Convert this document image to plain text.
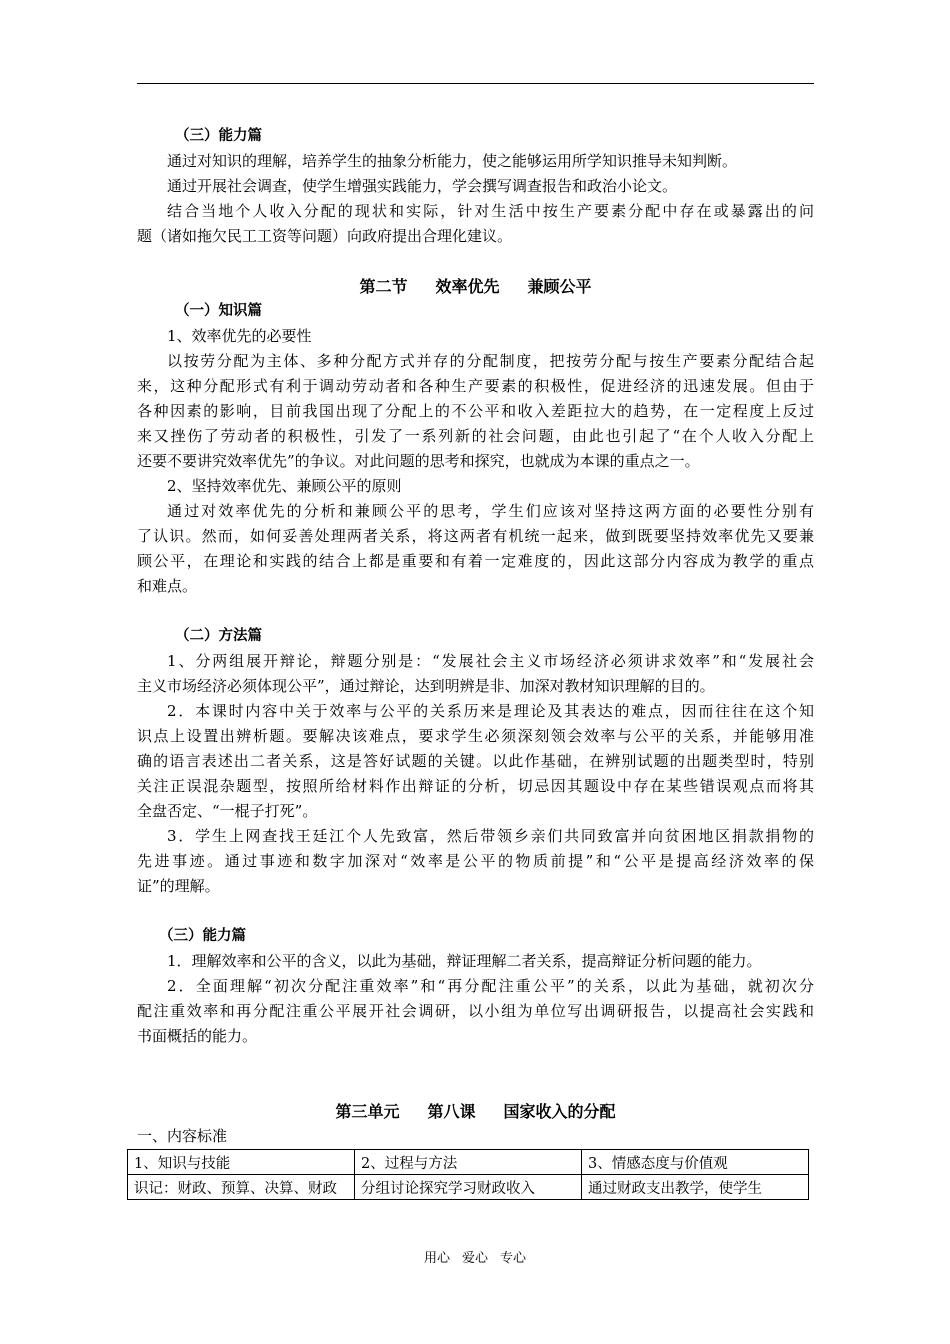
（三）能力篇
通过对知识的理解，培养学生的抽象分析能力，使之能够运用所学知识推导未知判断。
通过开展社会调查，使学生增强实践能力，学会撰写调查报告和政治小论文。
结合当地个人收入分配的现状和实际，针对生活中按生产要素分配中存在或暴露出的问
题（诸如拖欠民工工资等问题）向政府提出合理化建议。
第二节 效率优先 兼顾公平
（一）知识篇
1、效率优先的必要性
以按劳分配为主体、多种分配方式并存的分配制度，把按劳分配与按生产要素分配结合起
来，这种分配形式有利于调动劳动者和各种生产要素的积极性，促进经济的迅速发展。但由于
各种因素的影响，目前我国出现了分配上的不公平和收入差距拉大的趋势，在一定程度上反过
来又挫伤了劳动者的积极性，引发了一系列新的社会问题，由此也引起了“在个人收入分配上
还要不要讲究效率优先”的争议。对此问题的思考和探究，也就成为本课的重点之一。
2、坚持效率优先、兼顾公平的原则
通过对效率优先的分析和兼顾公平的思考，学生们应该对坚持这两方面的必要性分别有
了认识。然而，如何妥善处理两者关系，将这两者有机统一起来，做到既要坚持效率优先又要兼
顾公平，在理论和实践的结合上都是重要和有着一定难度的，因此这部分内容成为教学的重点
和难点。
（二）方法篇
1、分两组展开辩论，辩题分别是：“发展社会主义市场经济必须讲求效率”和“发展社会
主义市场经济必须体现公平”，通过辩论，达到明辨是非、加深对教材知识理解的目的。
2．本课时内容中关于效率与公平的关系历来是理论及其表达的难点，因而往往在这个知
识点上设置出辨析题。要解决该难点，要求学生必须深刻领会效率与公平的关系，并能够用准
确的语言表述出二者关系，这是答好试题的关键。以此作基础，在辨别试题的出题类型时，特别
关注正误混杂题型，按照所给材料作出辩证的分析，切忌因其题设中存在某些错误观点而将其
全盘否定、“一棍子打死”。
3．学生上网查找王廷江个人先致富，然后带领乡亲们共同致富并向贫困地区捐款捐物的
先进事迹。通过事迹和数字加深对“效率是公平的物质前提”和“公平是提高经济效率的保
证”的理解。
（三）能力篇
1．理解效率和公平的含义，以此为基础，辩证理解二者关系，提高辩证分析问题的能力。
2．全面理解“初次分配注重效率”和“再分配注重公平”的关系，以此为基础，就初次分
配注重效率和再分配注重公平展开社会调研，以小组为单位写出调研报告，以提高社会实践和
书面概括的能力。
第三单元 第八课 国家收入的分配
一、内容标准
1、知识与技能	2、过程与方法	3、情感态度与价值观
识记：财政、预算、决算、财政	分组讨论探究学习财政收入	通过财政支出教学，使学生
用心 爱心 专心
